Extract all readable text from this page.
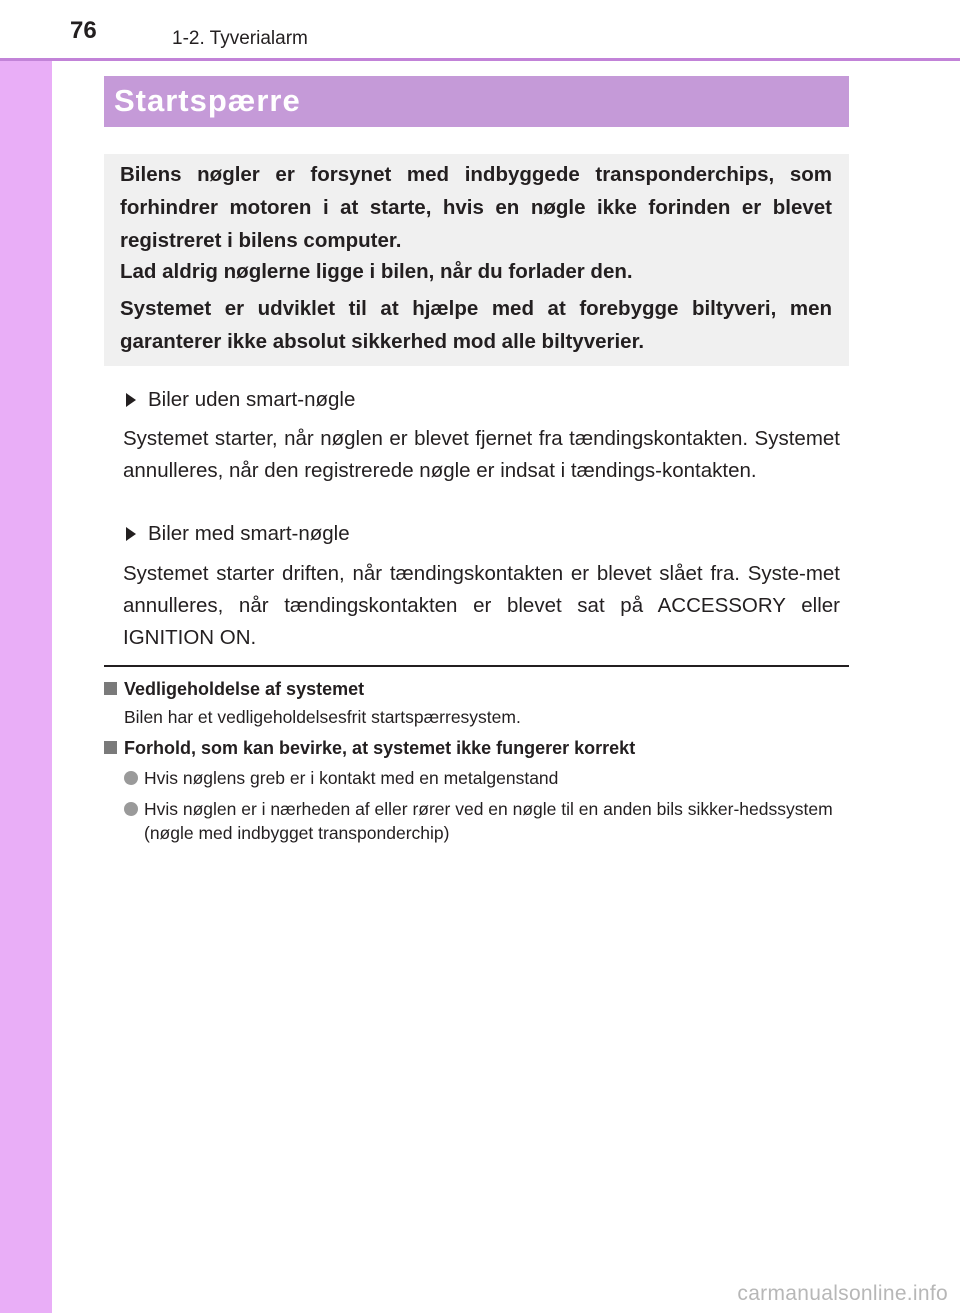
76	1-2. Tyverialarm
Startspærre

Bilens nøgler er forsynet med indbyggede transponderchips, som forhindrer motoren i at starte, hvis en nøgle ikke forinden er blevet registreret i bilens computer.

Lad aldrig nøglerne ligge i bilen, når du forlader den.

Systemet er udviklet til at hjælpe med at forebygge biltyveri, men garanterer ikke absolut sikkerhed mod alle biltyverier.

Biler uden smart-nøgle

Systemet starter, når nøglen er blevet fjernet fra tændingskontakten. Systemet annulleres, når den registrerede nøgle er indsat i tændings-kontakten.

Biler med smart-nøgle

Systemet starter driften, når tændingskontakten er blevet slået fra. Syste-met annulleres, når tændingskontakten er blevet sat på ACCESSORY eller IGNITION ON.

Vedligeholdelse af systemet

Bilen har et vedligeholdelsesfrit startspærresystem.

Forhold, som kan bevirke, at systemet ikke fungerer korrekt
Hvis nøglens greb er i kontakt med en metalgenstand
Hvis nøglen er i nærheden af eller rører ved en nøgle til en anden bils sikker-hedssystem (nøgle med indbygget transponderchip)
carmanualsonline.info
